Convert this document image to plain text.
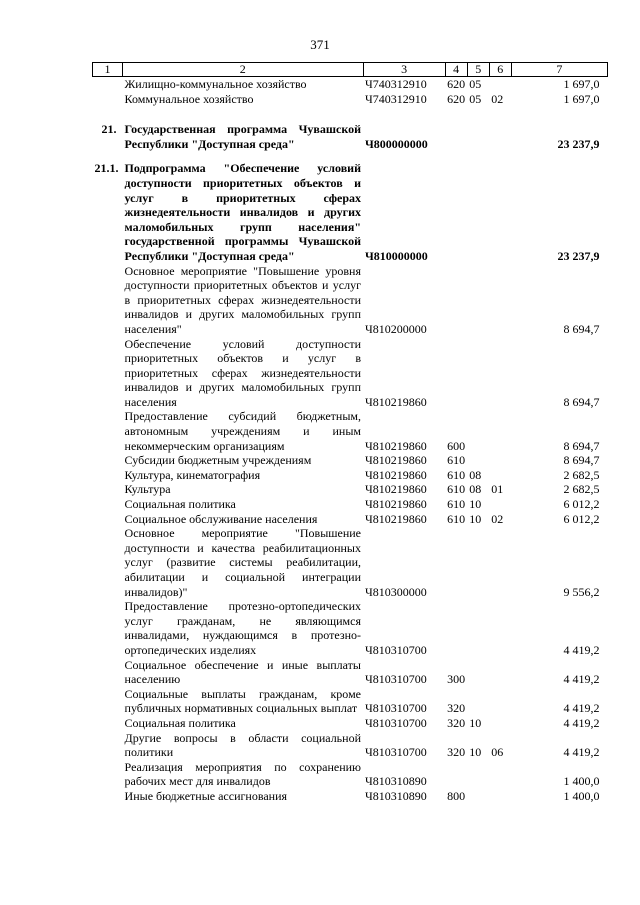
371
1	2	3	4	5	6	7
	Жилищно-коммунальное хозяйство	Ч740312910	620	05		1 697,0
	Коммунальное хозяйство	Ч740312910	620	05	02	1 697,0

21.	Государственная программа Чувашской Республики "Доступная среда"	Ч800000000				23 237,9

21.1.	Подпрограмма "Обеспечение условий доступности приоритетных объектов и услуг в приоритетных сферах жизнедеятельности инвалидов и других маломобильных групп населения" государственной программы Чувашской Республики "Доступная среда"	Ч810000000				23 237,9
	Основное мероприятие "Повышение уровня доступности приоритетных объектов и услуг в приоритетных сферах жизнедеятельности инвалидов и других маломобильных групп населения"	Ч810200000				8 694,7
	Обеспечение условий доступности приоритетных объектов и услуг в приоритетных сферах жизнедеятельности инвалидов и других маломобильных групп населения	Ч810219860				8 694,7
	Предоставление субсидий бюджетным, автономным учреждениям и иным некоммерческим организациям	Ч810219860	600			8 694,7
	Субсидии бюджетным учреждениям	Ч810219860	610			8 694,7
	Культура, кинематография	Ч810219860	610	08		2 682,5
	Культура	Ч810219860	610	08	01	2 682,5
	Социальная политика	Ч810219860	610	10		6 012,2
	Социальное обслуживание населения	Ч810219860	610	10	02	6 012,2
	Основное мероприятие "Повышение доступности и качества реабилитационных услуг (развитие системы реабилитации, абилитации и социальной интеграции инвалидов)"	Ч810300000				9 556,2
	Предоставление протезно-ортопедических услуг гражданам, не являющимся инвалидами, нуждающимся в протезно-ортопедических изделиях	Ч810310700				4 419,2
	Социальное обеспечение и иные выплаты населению	Ч810310700	300			4 419,2
	Социальные выплаты гражданам, кроме публичных нормативных социальных выплат	Ч810310700	320			4 419,2
	Социальная политика	Ч810310700	320	10		4 419,2
	Другие вопросы в области социальной политики	Ч810310700	320	10	06	4 419,2
	Реализация мероприятия по сохранению рабочих мест для инвалидов	Ч810310890				1 400,0
	Иные бюджетные ассигнования	Ч810310890	800			1 400,0
